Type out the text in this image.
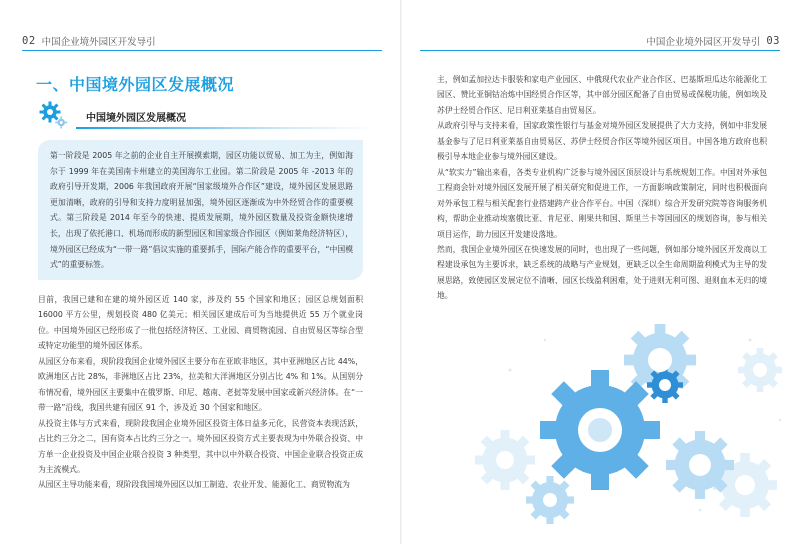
02 中国企业境外园区开发导引	中国企业境外园区开发导引 03
一、中国境外园区发展概况
中国境外园区发展概况

第一阶段是 2005 年之前的企业自主开展摸索期，园区功能以贸易、加工为主，例如海尔于 1999 年在美国南卡州建立的美国海尔工业园。第二阶段是 2005 年 -2013 年的政府引导开发期，2006 年我国政府开展“国家级境外合作区”建设，境外园区发展思路更加清晰，政府的引导和支持力度明显加强，境外园区逐渐成为中外经贸合作的重要模式。第三阶段是 2014 年至今的快速、提质发展期，境外园区数量及投资金额快速增长，出现了依托港口、机场而形成的新型园区和国家级合作园区（例如莱角经济特区），境外园区已经成为“一带一路”倡议实施的重要抓手，国际产能合作的重要平台，“中国模式”的重要标签。

目前，我国已建和在建的境外园区近 140 家，涉及约 55 个国家和地区；园区总规划面积 16000 平方公里，规划投资 480 亿美元；相关园区建成后可为当地提供近 55 万个就业岗位。中国境外园区已经形成了一批包括经济特区、工业园、商贸物流园、自由贸易区等综合型或特定功能型的境外园区体系。

从园区分布来看，现阶段我国企业境外园区主要分布在亚欧非地区，其中亚洲地区占比 44%，欧洲地区占比 28%，非洲地区占比 23%，拉美和大洋洲地区分别占比 4% 和 1%。从国别分布情况看，境外园区主要集中在俄罗斯、印尼、越南、老挝等发展中国家或新兴经济体。在“一带一路”沿线，我国共建有园区 91 个，涉及近 30 个国家和地区。

从投资主体与方式来看，现阶段我国企业境外园区投资主体日益多元化，民营资本表现活跃，占比约三分之二，国有资本占比约三分之一。境外园区投资方式主要表现为中外联合投资、中方单一企业投资及中国企业联合投资 3 种类型，其中以中外联合投资、中国企业联合投资正成为主流模式。

从园区主导功能来看，现阶段我国境外园区以加工制造、农业开发、能源化工、商贸物流为

主，例如孟加拉达卡服装和家电产业园区、中俄现代农业产业合作区、巴基斯坦瓜达尔能源化工园区、赞比亚铜钴冶炼中国经贸合作区等，其中部分园区配备了自由贸易或保税功能，例如埃及苏伊士经贸合作区、尼日利亚莱基自由贸易区。

从政府引导与支持来看，国家政策性银行与基金对境外园区发展提供了大力支持，例如中非发展基金参与了尼日利亚莱基自由贸易区、苏伊士经贸合作区等境外园区项目。中国各地方政府也积极引导本地企业参与境外园区建设。

从“软实力”输出来看，各类专业机构广泛参与境外园区顶层设计与系统规划工作。中国对外承包工程商会针对境外园区发展开展了相关研究和促进工作，一方面影响政策制定，同时也积极面向对外承包工程与相关配套行业搭建跨产业合作平台。中国（深圳）综合开发研究院等咨询服务机构，帮助企业推动埃塞俄比亚、肯尼亚、刚果共和国、斯里兰卡等国园区的规划咨询，参与相关项目运作，助力园区开发建设落地。

然而，我国企业境外园区在快速发展的同时，也出现了一些问题，例如部分境外园区开发商以工程建设承包为主要诉求，缺乏系统的战略与产业规划，更缺乏以全生命周期盈利模式为主导的发展思路，致使园区发展定位不清晰、园区长线盈利困难，处于进则无利可图、退则血本无归的境地。
